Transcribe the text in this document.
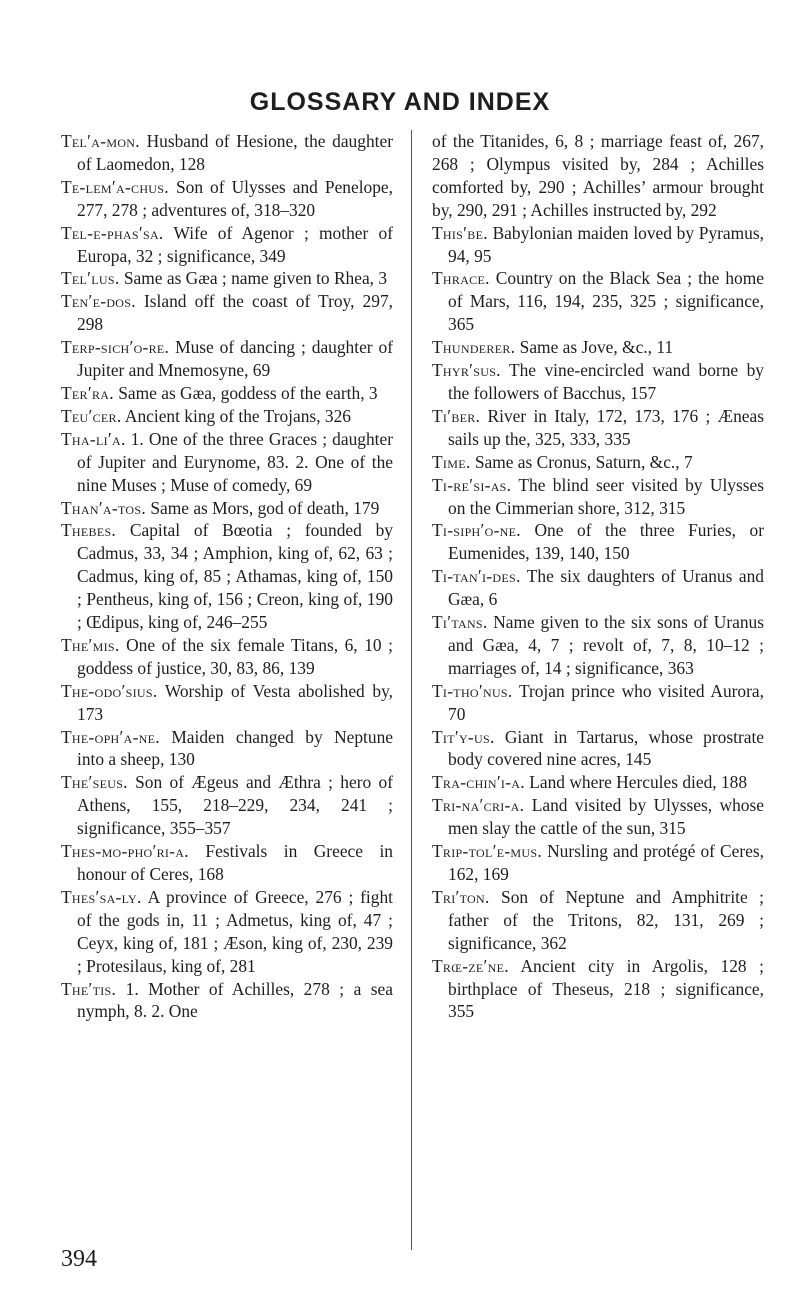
GLOSSARY AND INDEX

Tel′a-mon. Husband of Hesione, the daughter of Laomedon, 128

Te-lem′a-chus. Son of Ulysses and Penelope, 277, 278 ; adventures of, 318–320

Tel-e-phas′sa. Wife of Agenor ; mother of Europa, 32 ; significance, 349

Tel′lus. Same as Gæa ; name given to Rhea, 3

Ten′e-dos. Island off the coast of Troy, 297, 298

Terp-sich′o-re. Muse of dancing ; daughter of Jupiter and Mnemosyne, 69

Ter′ra. Same as Gæa, goddess of the earth, 3

Teu′cer. Ancient king of the Trojans, 326

Tha-li′a. 1. One of the three Graces ; daughter of Jupiter and Eurynome, 83. 2. One of the nine Muses ; Muse of comedy, 69

Than′a-tos. Same as Mors, god of death, 179

Thebes. Capital of Bœotia ; founded by Cadmus, 33, 34 ; Amphion, king of, 62, 63 ; Cadmus, king of, 85 ; Athamas, king of, 150 ; Pentheus, king of, 156 ; Creon, king of, 190 ; Œdipus, king of, 246–255

The′mis. One of the six female Titans, 6, 10 ; goddess of justice, 30, 83, 86, 139

The-odo′sius. Worship of Vesta abolished by, 173

The-oph′a-ne. Maiden changed by Neptune into a sheep, 130

The′seus. Son of Ægeus and Æthra ; hero of Athens, 155, 218–229, 234, 241 ; significance, 355–357

Thes-mo-pho′ri-a. Festivals in Greece in honour of Ceres, 168

Thes′sa-ly. A province of Greece, 276 ; fight of the gods in, 11 ; Admetus, king of, 47 ; Ceyx, king of, 181 ; Æson, king of, 230, 239 ; Protesilaus, king of, 281

The′tis. 1. Mother of Achilles, 278 ; a sea nymph, 8. 2. One

of the Titanides, 6, 8 ; marriage feast of, 267, 268 ; Olympus visited by, 284 ; Achilles comforted by, 290 ; Achilles’ armour brought by, 290, 291 ; Achilles instructed by, 292

This′be. Babylonian maiden loved by Pyramus, 94, 95

Thrace. Country on the Black Sea ; the home of Mars, 116, 194, 235, 325 ; significance, 365

Thunderer. Same as Jove, &c., 11

Thyr′sus. The vine-encircled wand borne by the followers of Bacchus, 157

Ti′ber. River in Italy, 172, 173, 176 ; Æneas sails up the, 325, 333, 335

Time. Same as Cronus, Saturn, &c., 7

Ti-re′si-as. The blind seer visited by Ulysses on the Cimmerian shore, 312, 315

Ti-siph′o-ne. One of the three Furies, or Eumenides, 139, 140, 150

Ti-tan′i-des. The six daughters of Uranus and Gæa, 6

Ti′tans. Name given to the six sons of Uranus and Gæa, 4, 7 ; revolt of, 7, 8, 10–12 ; marriages of, 14 ; significance, 363

Ti-tho′nus. Trojan prince who visited Aurora, 70

Tit′y-us. Giant in Tartarus, whose prostrate body covered nine acres, 145

Tra-chin′i-a. Land where Hercules died, 188

Tri-na′cri-a. Land visited by Ulysses, whose men slay the cattle of the sun, 315

Trip-tol′e-mus. Nursling and protégé of Ceres, 162, 169

Tri′ton. Son of Neptune and Amphitrite ; father of the Tritons, 82, 131, 269 ; significance, 362

Trœ-ze′ne. Ancient city in Argolis, 128 ; birthplace of Theseus, 218 ; significance, 355

394
